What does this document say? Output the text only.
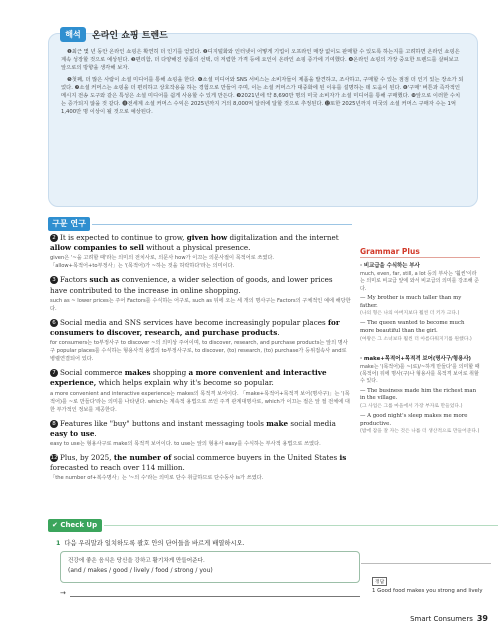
❶최근 몇 년 동안 온라인 쇼핑은 확연히 더 인기를 얻었다. ❷디지털화와 인터넷이 어떻게 기업이 오프라인 매장 없이도 판매할 수 있도록 하는지를 고려하면 온라인 쇼핑은 계속 성장할 것으로 예상된다. ❸편리함, 더 다양해진 상품의 선택, 더 저렴한 가격 등에 요인이 온라인 쇼핑 증가에 기여했다. ❹온라인 쇼핑의 가장 중요한 트렌드를 살펴보고 앞으로의 방향을 생각해 보자.

❺첫째, 더 많은 사람이 소셜 미디어를 통해 쇼핑을 한다. ❻소셜 미디어와 SNS 서비스는 소비자들이 제품을 발견하고, 조사하고, 구매할 수 있는 점점 더 인기 있는 장소가 되었다. ❼소셜 커머스는 쇼핑을 더 편리하고 상호작용을 하는 경험으로 만들어 주며, 이는 소셜 커머스가 대중화에 된 이유를 설명하는 데 도움이 된다. ❽'구매' 버튼과 즉각적인 메시지 전송 도구와 같은 특성은 소셜 미디어를 쉽게 사용할 수 있게 만든다. ❾2021년에 약 8,690만 명의 미국 소비자가 소셜 미디어를 통해 구매했다. ❿앞으로 이러한 수치는 증가되지 않을 것 같다. ⓫전세계 소셜 커머스 수익은 2025년까지 거의 8,000억 달러에 달할 것으로 추정된다. ⓬또한 2025년까지 미국의 소셜 커머스 구매자 수는 1억 1,400만 명 이상이 될 것으로 예상된다.

해석	온라인 쇼핑 트렌드
구문 연구
2 It is expected to continue to grow, given how digitalization and the internet allow companies to sell without a physical presence.
given은 '~을 고려할 때'라는 의미의 전치사로, 의문사 how가 이끄는 의문사절이 목적어로 쓰였다.
「allow+목적어+to부정사」는 '(목적어)가 ~하는 것을 허락하다'라는 의미이다.
3 Factors such as convenience, a wider selection of goods, and lower prices have contributed to the increase in online shopping.
such as ~ lower prices는 주어 Factors를 수식하는 어구로, such as 뒤에 오는 세 개의 명사구는 Factors의 구체적인 예에 해당한다.
6 Social media and SNS services have become increasingly popular places for consumers to discover, research, and purchase products.
for consumers는 to부정사구 to discover ~의 의미상 주어이며, to discover, research, and purchase products는 앞의 명사구 popular places를 수식하는 형용사적 용법의 to부정사구로, to discover, (to) research, (to) purchase가 등위접속사 and로 병렬연결되어 있다.
7 Social commerce makes shopping a more convenient and interactive experience, which helps explain why it's become so popular.
a more convenient and interactive experience는 makes의 목적격 보어이다. 「make+목적어+목적격 보어(명사구)」는 '(목적어)를 ~로 만들다'라는 의미를 나타낸다. which는 계속적 용법으로 쓰인 주격 관계대명사로, which가 이끄는 절은 앞 절 전체에 대한 부가적인 정보를 제공한다.
8 Features like "buy" buttons and instant messaging tools make social media easy to use.
easy to use는 형용사구로 make의 목적격 보어이다. to use는 앞의 형용사 easy를 수식하는 부사적 용법으로 쓰였다.
12 Plus, by 2025, the number of social commerce buyers in the United States is forecasted to reach over 114 million.
「the number of+복수명사」는 '~의 수'라는 의미로 단수 취급하므로 단수동사 is가 쓰였다.
Grammar Plus
· 비교급을 수식하는 부사
much, even, far, still, a lot 등의 부사는 '훨씬'이라는 의미로 비교급 앞에 와서 비교급의 의미를 강조해 준다.
— My brother is much taller than my father.
(나의 형은 나의 아버지보다 훨씬 더 키가 크다.)
— The queen wanted to become much more beautiful than the girl.
(여왕은 그 소녀보다 훨씬 더 아름다워지기를 원했다.)
· make+목적어+목적격 보어(명사구/형용사)
make는 '(목적어)를 ~(로)/~하게 만들다'를 의미할 때 (목적어) 뒤에 명사(구)나 형용사를 목적격 보어로 취할 수 있다.
— The business made him the richest man in the village.
(그 사업은 그를 마을에서 가장 부자로 만들었다.)
— A good night's sleep makes me more productive.
(밤에 잠을 잘 자는 것은 나를 더 생산적으로 만들어준다.)
✔ Check Up
1 다음 우리말과 일치하도록 괄호 안의 단어들을 바르게 배열하시오.
건강에 좋은 음식은 당신을 강하고 활기차게 만들어준다.
(and / makes / good / lively / food / strong / you)
→
정답
1 Good food makes you strong and lively
Smart Consumers 39
